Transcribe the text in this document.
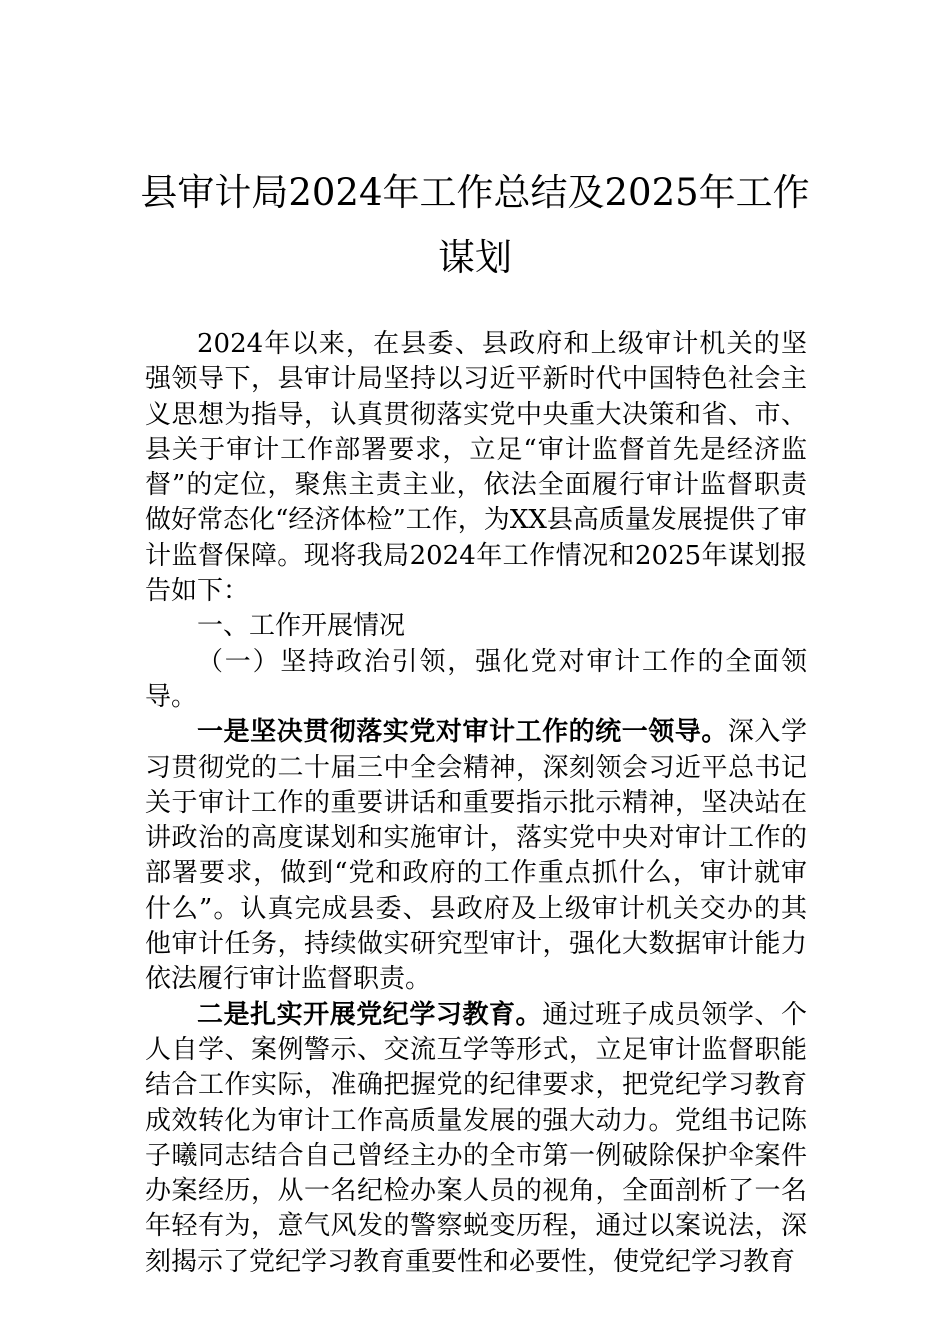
县审计局2024年工作总结及2025年工作谋划

2024年以来，在县委、县政府和上级审计机关的坚强领导下，县审计局坚持以习近平新时代中国特色社会主义思想为指导，认真贯彻落实党中央重大决策和省、市、县关于审计工作部署要求，立足“审计监督首先是经济监督”的定位，聚焦主责主业，依法全面履行审计监督职责做好常态化“经济体检”工作，为XX县高质量发展提供了审计监督保障。现将我局2024年工作情况和2025年谋划报告如下：

一、工作开展情况

（一）坚持政治引领，强化党对审计工作的全面领导。

一是坚决贯彻落实党对审计工作的统一领导。深入学习贯彻党的二十届三中全会精神，深刻领会习近平总书记关于审计工作的重要讲话和重要指示批示精神，坚决站在讲政治的高度谋划和实施审计，落实党中央对审计工作的部署要求，做到“党和政府的工作重点抓什么，审计就审什么”。认真完成县委、县政府及上级审计机关交办的其他审计任务，持续做实研究型审计，强化大数据审计能力依法履行审计监督职责。

二是扎实开展党纪学习教育。通过班子成员领学、个人自学、案例警示、交流互学等形式，立足审计监督职能结合工作实际，准确把握党的纪律要求，把党纪学习教育成效转化为审计工作高质量发展的强大动力。党组书记陈子曦同志结合自己曾经主办的全市第一例破除保护伞案件办案经历，从一名纪检办案人员的视角，全面剖析了一名年轻有为，意气风发的警察蜕变历程，通过以案说法，深刻揭示了党纪学习教育重要性和必要性，使党纪学习教育
